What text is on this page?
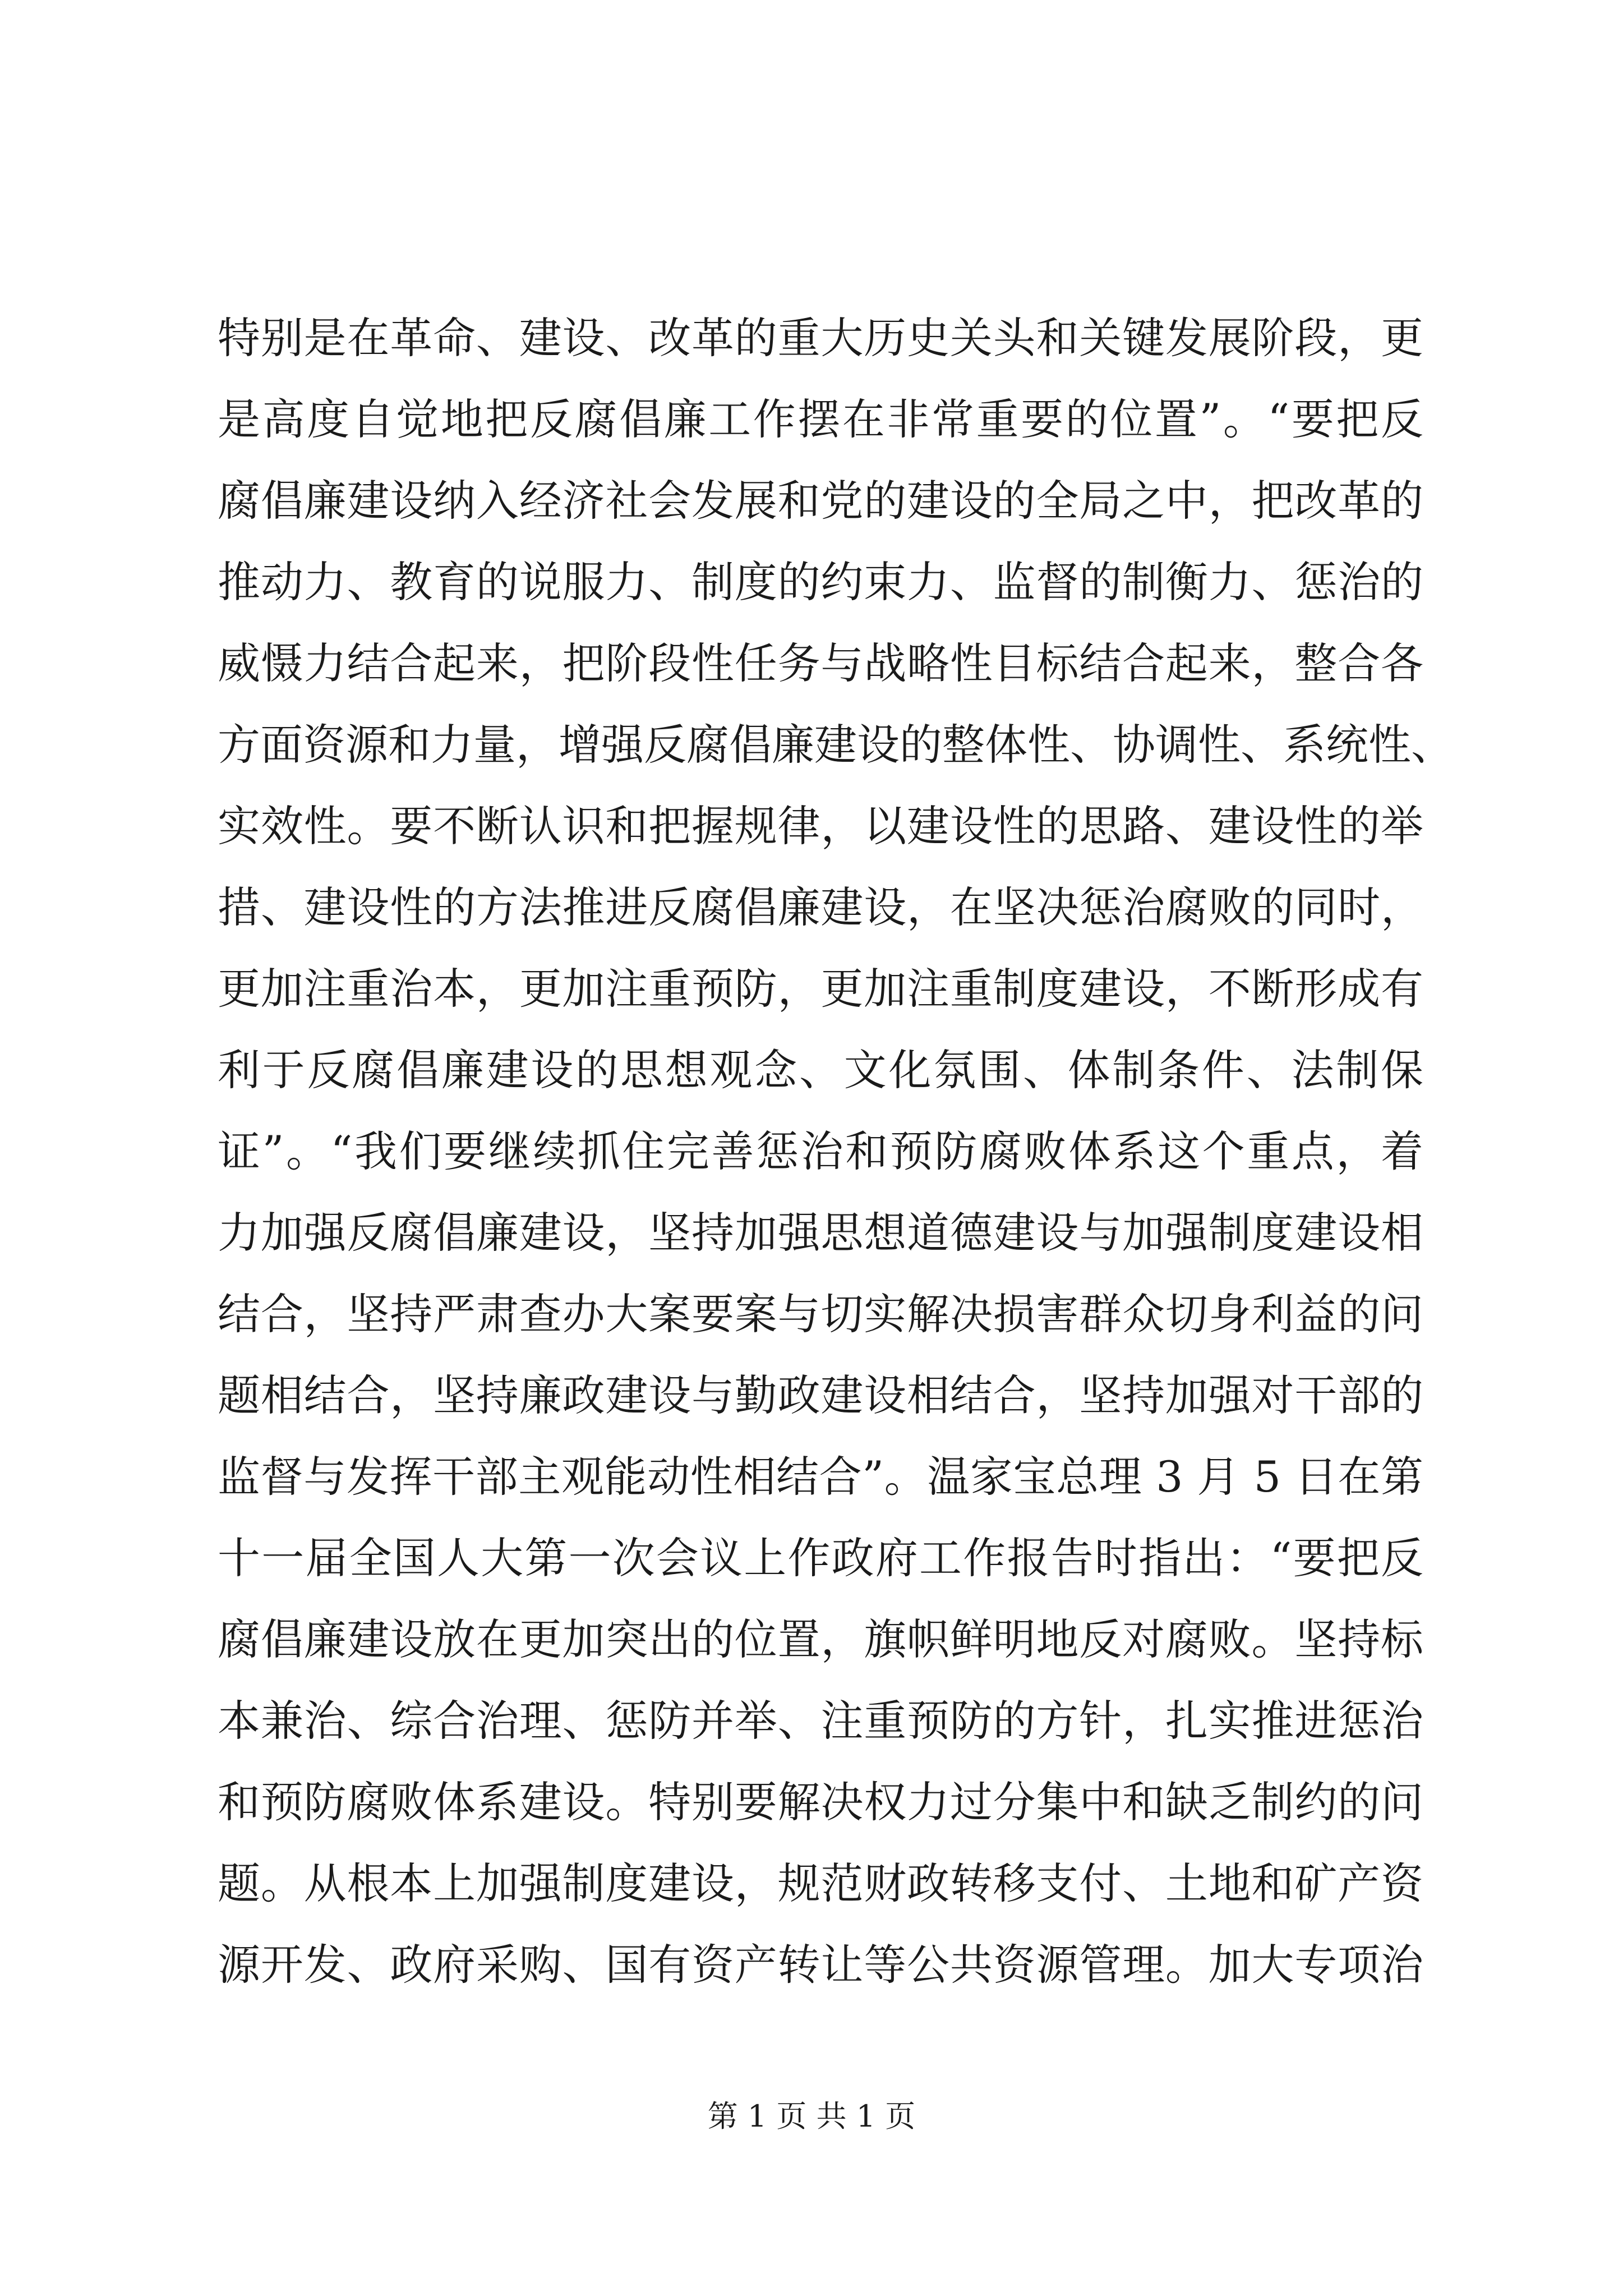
特别是在革命、建设、改革的重大历史关头和关键发展阶段，更
是高度自觉地把反腐倡廉工作摆在非常重要的位置”。“要把反
腐倡廉建设纳入经济社会发展和党的建设的全局之中，把改革的
推动力、教育的说服力、制度的约束力、监督的制衡力、惩治的
威慑力结合起来，把阶段性任务与战略性目标结合起来，整合各
方面资源和力量，增强反腐倡廉建设的整体性、协调性、系统性、
实效性。要不断认识和把握规律，以建设性的思路、建设性的举
措、建设性的方法推进反腐倡廉建设，在坚决惩治腐败的同时，
更加注重治本，更加注重预防，更加注重制度建设，不断形成有
利于反腐倡廉建设的思想观念、文化氛围、体制条件、法制保
证”。“我们要继续抓住完善惩治和预防腐败体系这个重点，着
力加强反腐倡廉建设，坚持加强思想道德建设与加强制度建设相
结合，坚持严肃查办大案要案与切实解决损害群众切身利益的问
题相结合，坚持廉政建设与勤政建设相结合，坚持加强对干部的
监督与发挥干部主观能动性相结合”。温家宝总理 3 月 5 日在第
十一届全国人大第一次会议上作政府工作报告时指出：“要把反
腐倡廉建设放在更加突出的位置，旗帜鲜明地反对腐败。坚持标
本兼治、综合治理、惩防并举、注重预防的方针，扎实推进惩治
和预防腐败体系建设。特别要解决权力过分集中和缺乏制约的问
题。从根本上加强制度建设，规范财政转移支付、土地和矿产资
源开发、政府采购、国有资产转让等公共资源管理。加大专项治
第 1 页 共 1 页
